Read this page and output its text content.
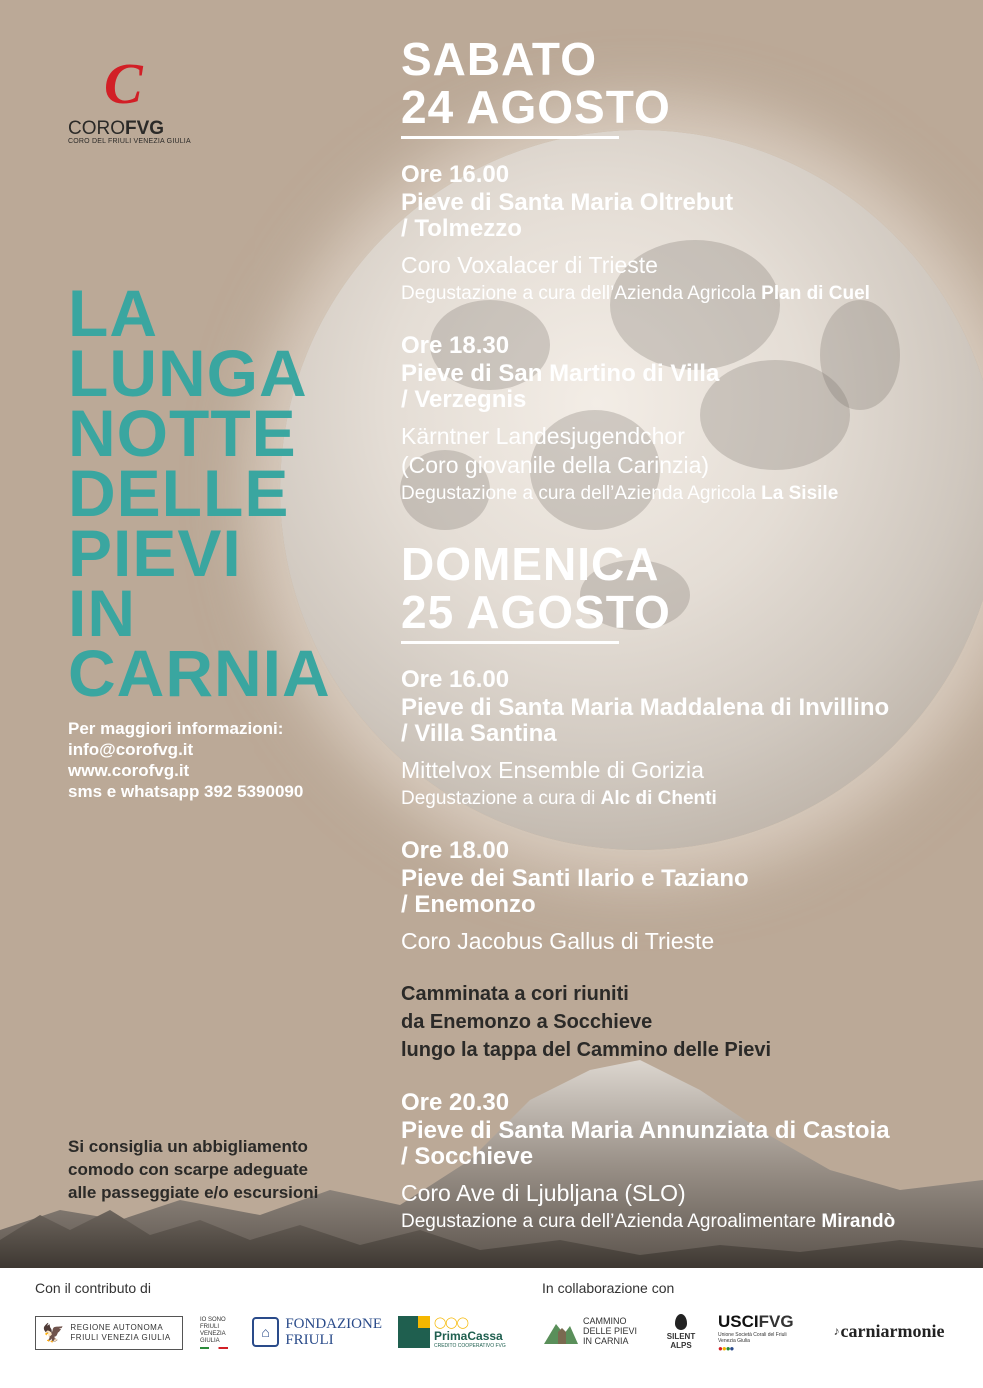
C
COROFVG
CORO DEL FRIULI VENEZIA GIULIA
LA
LUNGA
NOTTE
DELLE
PIEVI
IN
CARNIA
Per maggiori informazioni:
info@corofvg.it
www.corofvg.it
sms e whatsapp 392 5390090
Si consiglia un abbigliamento
comodo con scarpe adeguate
alle passeggiate e/o escursioni
SABATO
24 AGOSTO
Ore 16.00
Pieve di Santa Maria Oltrebut
/ Tolmezzo
Coro Voxalacer di Trieste
Degustazione a cura dell’Azienda Agricola Plan di Cuel
Ore 18.30
Pieve di San Martino di Villa
/ Verzegnis
Kärntner Landesjugendchor
(Coro giovanile della Carinzia)
Degustazione a cura dell’Azienda Agricola La Sisile
DOMENICA
25 AGOSTO
Ore 16.00
Pieve di Santa Maria Maddalena di Invillino
/ Villa Santina
Mittelvox Ensemble di Gorizia
Degustazione a cura di Alc di Chenti
Ore 18.00
Pieve dei Santi Ilario e Taziano
/ Enemonzo
Coro Jacobus Gallus di Trieste
Camminata a cori riuniti
da Enemonzo a Socchieve
lungo la tappa del Cammino delle Pievi
Ore 20.30
Pieve di Santa Maria Annunziata di Castoia
/ Socchieve
Coro Ave di Ljubljana (SLO)
Degustazione a cura dell’Azienda Agroalimentare Mirandò
Con il contributo di	In collaborazione con
🦅 REGIONE AUTONOMA
FRIULI VENEZIA GIULIA
IO SONO
FRIULI
VENEZIA
GIULIA
⌂	FONDAZIONE
FRIULI
◯◯◯
PrimaCassa
CREDITO COOPERATIVO FVG
CAMMINO
DELLE PIEVI
IN CARNIA	SILENT
ALPS
USCIFVG
Unione Società Corali del Friuli Venezia Giulia
●●●●
♪ carniarmonie
